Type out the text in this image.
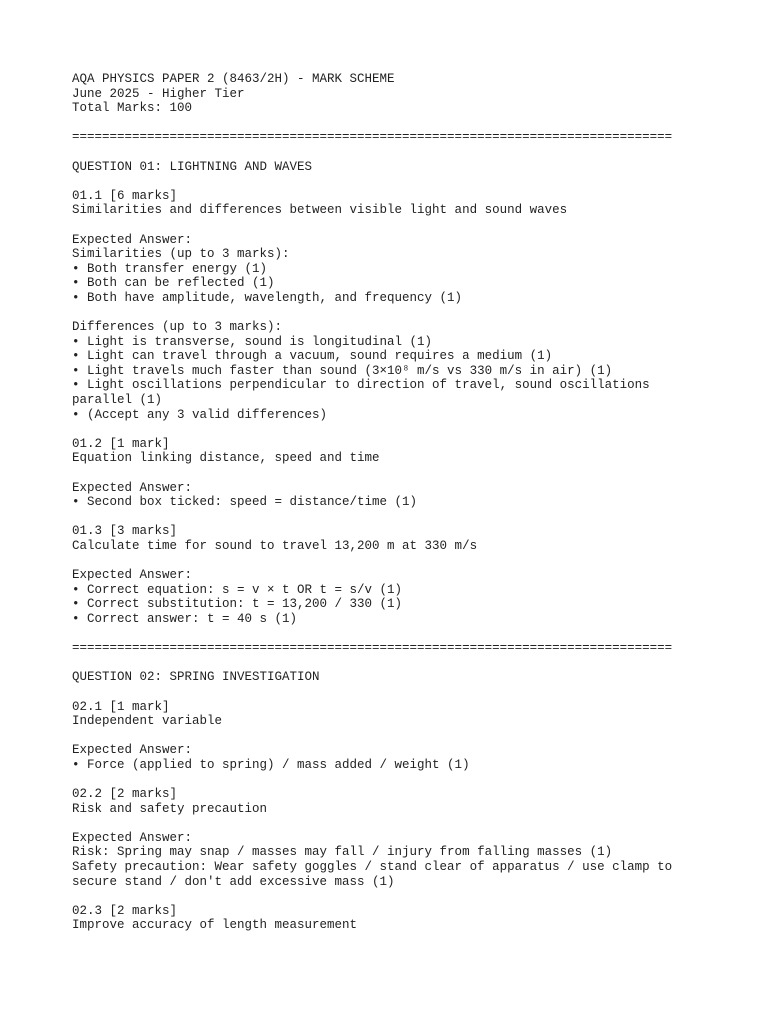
AQA PHYSICS PAPER 2 (8463/2H) - MARK SCHEME
June 2025 - Higher Tier
Total Marks: 100
================================================================================
QUESTION 01: LIGHTNING AND WAVES
01.1 [6 marks]
Similarities and differences between visible light and sound waves
Expected Answer:
Similarities (up to 3 marks):
• Both transfer energy (1)
• Both can be reflected (1)
• Both have amplitude, wavelength, and frequency (1)
Differences (up to 3 marks):
• Light is transverse, sound is longitudinal (1)
• Light can travel through a vacuum, sound requires a medium (1)
• Light travels much faster than sound (3×10⁸ m/s vs 330 m/s in air) (1)
• Light oscillations perpendicular to direction of travel, sound oscillations parallel (1)
• (Accept any 3 valid differences)
01.2 [1 mark]
Equation linking distance, speed and time
Expected Answer:
• Second box ticked: speed = distance/time (1)
01.3 [3 marks]
Calculate time for sound to travel 13,200 m at 330 m/s
Expected Answer:
• Correct equation: s = v × t OR t = s/v (1)
• Correct substitution: t = 13,200 / 330 (1)
• Correct answer: t = 40 s (1)
================================================================================
QUESTION 02: SPRING INVESTIGATION
02.1 [1 mark]
Independent variable
Expected Answer:
• Force (applied to spring) / mass added / weight (1)
02.2 [2 marks]
Risk and safety precaution
Expected Answer:
Risk: Spring may snap / masses may fall / injury from falling masses (1)
Safety precaution: Wear safety goggles / stand clear of apparatus / use clamp to secure stand / don't add excessive mass (1)
02.3 [2 marks]
Improve accuracy of length measurement
